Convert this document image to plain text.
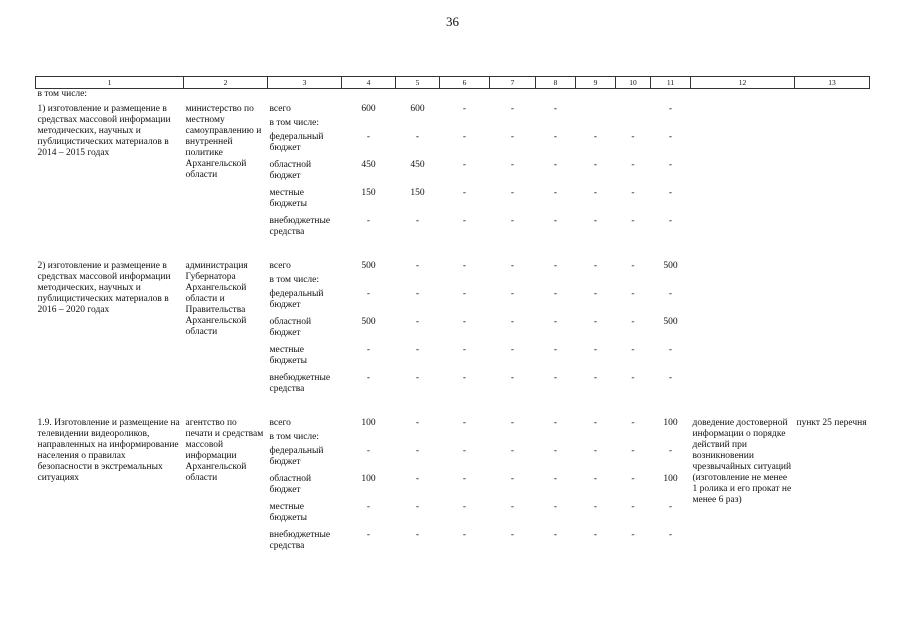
36
1	2	3	4	5	6	7	8	9	10	11	12	13
в том числе:												
1) изготовление и размещение в средствах массовой информации методических, научных и публицистических материалов в 2014 – 2015 годах	министерство по местному самоуправлению и внутренней политике Архангельской области	всего	600	600	-	-	-			-		
		в том числе:										
		федеральный бюджет	-	-	-	-	-	-	-	-		
		областной бюджет	450	450	-	-	-	-	-	-		
		местные бюджеты	150	150	-	-	-	-	-	-		
		внебюджетные средства	-	-	-	-	-	-	-	-		

2) изготовление и размещение в средствах массовой информации методических, научных и публицистических материалов в 2016 – 2020 годах	администрация Губернатора Архангельской области и Правительства Архангельской области	всего	500	-	-	-	-	-	-	500		
		в том числе:										
		федеральный бюджет	-	-	-	-	-	-	-	-		
		областной бюджет	500	-	-	-	-	-	-	500		
		местные бюджеты	-	-	-	-	-	-	-	-		
		внебюджетные средства	-	-	-	-	-	-	-	-		

1.9. Изготовление и размещение на телевидении видеороликов, направленных на информирование населения о правилах безопасности в экстремальных ситуациях	агентство по печати и средствам массовой информации Архангельской области	всего	100	-	-	-	-	-	-	100	доведение достоверной информации о порядке действий при возникновении чрезвычайных ситуаций (изготовление не менее 1 ролика и его прокат не менее 6 раз)	пункт 25 перечня
		в том числе:										
		федеральный бюджет	-	-	-	-	-	-	-	-		
		областной бюджет	100	-	-	-	-	-	-	100		
		местные бюджеты	-	-	-	-	-	-	-	-		
		внебюджетные средства	-	-	-	-	-	-	-	-		
